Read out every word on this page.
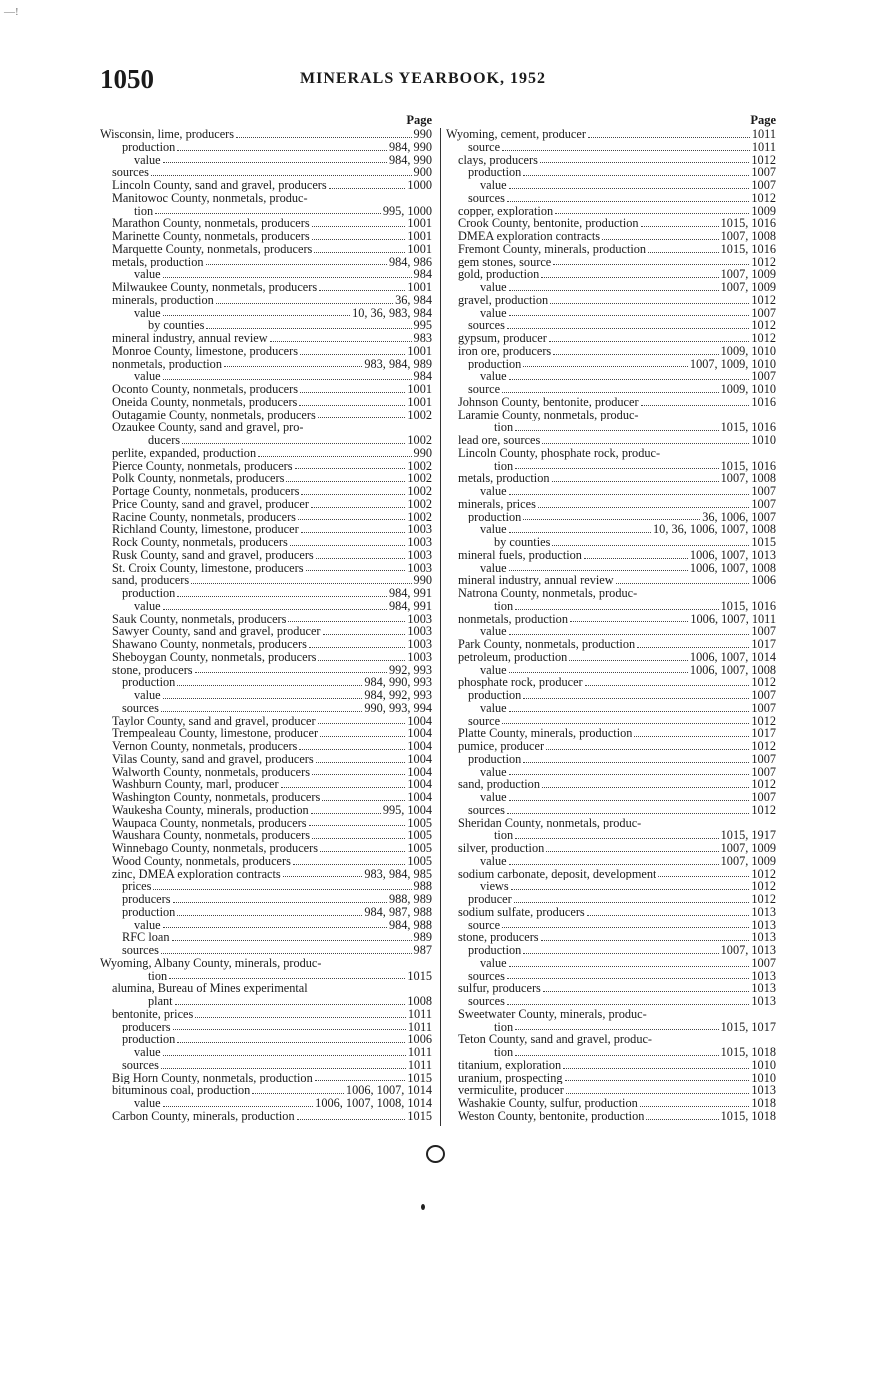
—!
1050	MINERALS YEARBOOK, 1952
Page
Wisconsin, lime, producers	990
production	984, 990
value	984, 990
sources	900
Lincoln County, sand and gravel, producers	1000
Manitowoc County, nonmetals, produc-
tion	995, 1000
Marathon County, nonmetals, producers	1001
Marinette County, nonmetals, producers	1001
Marquette County, nonmetals, producers	1001
metals, production	984, 986
value	984
Milwaukee County, nonmetals, producers	1001
minerals, production	36, 984
value	10, 36, 983, 984
by counties	995
mineral industry, annual review	983
Monroe County, limestone, producers	1001
nonmetals, production	983, 984, 989
value	984
Oconto County, nonmetals, producers	1001
Oneida County, nonmetals, producers	1001
Outagamie County, nonmetals, producers	1002
Ozaukee County, sand and gravel, pro-
ducers	1002
perlite, expanded, production	990
Pierce County, nonmetals, producers	1002
Polk County, nonmetals, producers	1002
Portage County, nonmetals, producers	1002
Price County, sand and gravel, producer	1002
Racine County, nonmetals, producers	1002
Richland County, limestone, producer	1003
Rock County, nonmetals, producers	1003
Rusk County, sand and gravel, producers	1003
St. Croix County, limestone, producers	1003
sand, producers	990
production	984, 991
value	984, 991
Sauk County, nonmetals, producers	1003
Sawyer County, sand and gravel, producer	1003
Shawano County, nonmetals, producers	1003
Sheboygan County, nonmetals, producers	1003
stone, producers	992, 993
production	984, 990, 993
value	984, 992, 993
sources	990, 993, 994
Taylor County, sand and gravel, producer	1004
Trempealeau County, limestone, producer	1004
Vernon County, nonmetals, producers	1004
Vilas County, sand and gravel, producers	1004
Walworth County, nonmetals, producers	1004
Washburn County, marl, producer	1004
Washington County, nonmetals, producers	1004
Waukesha County, minerals, production	995, 1004
Waupaca County, nonmetals, producers	1005
Waushara County, nonmetals, producers	1005
Winnebago County, nonmetals, producers	1005
Wood County, nonmetals, producers	1005
zinc, DMEA exploration contracts	983, 984, 985
prices	988
producers	988, 989
production	984, 987, 988
value	984, 988
RFC loan	989
sources	987
Wyoming, Albany County, minerals, produc-
tion	1015
alumina, Bureau of Mines experimental
plant	1008
bentonite, prices	1011
producers	1011
production	1006
value	1011
sources	1011
Big Horn County, nonmetals, production	1015
bituminous coal, production	1006, 1007, 1014
value	1006, 1007, 1008, 1014
Carbon County, minerals, production	1015
Page
Wyoming, cement, producer	1011
source	1011
clays, producers	1012
production	1007
value	1007
sources	1012
copper, exploration	1009
Crook County, bentonite, production	1015, 1016
DMEA exploration contracts	1007, 1008
Fremont County, minerals, production	1015, 1016
gem stones, source	1012
gold, production	1007, 1009
value	1007, 1009
gravel, production	1012
value	1007
sources	1012
gypsum, producer	1012
iron ore, producers	1009, 1010
production	1007, 1009, 1010
value	1007
source	1009, 1010
Johnson County, bentonite, producer	1016
Laramie County, nonmetals, produc-
tion	1015, 1016
lead ore, sources	1010
Lincoln County, phosphate rock, produc-
tion	1015, 1016
metals, production	1007, 1008
value	1007
minerals, prices	1007
production	36, 1006, 1007
value	10, 36, 1006, 1007, 1008
by counties	1015
mineral fuels, production	1006, 1007, 1013
value	1006, 1007, 1008
mineral industry, annual review	1006
Natrona County, nonmetals, produc-
tion	1015, 1016
nonmetals, production	1006, 1007, 1011
value	1007
Park County, nonmetals, production	1017
petroleum, production	1006, 1007, 1014
value	1006, 1007, 1008
phosphate rock, producer	1012
production	1007
value	1007
source	1012
Platte County, minerals, production	1017
pumice, producer	1012
production	1007
value	1007
sand, production	1012
value	1007
sources	1012
Sheridan County, nonmetals, produc-
tion	1015, 1917
silver, production	1007, 1009
value	1007, 1009
sodium carbonate, deposit, development	1012
views	1012
producer	1012
sodium sulfate, producers	1013
source	1013
stone, producers	1013
production	1007, 1013
value	1007
sources	1013
sulfur, producers	1013
sources	1013
Sweetwater County, minerals, produc-
tion	1015, 1017
Teton County, sand and gravel, produc-
tion	1015, 1018
titanium, exploration	1010
uranium, prospecting	1010
vermiculite, producer	1013
Washakie County, sulfur, production	1018
Weston County, bentonite, production	1015, 1018
